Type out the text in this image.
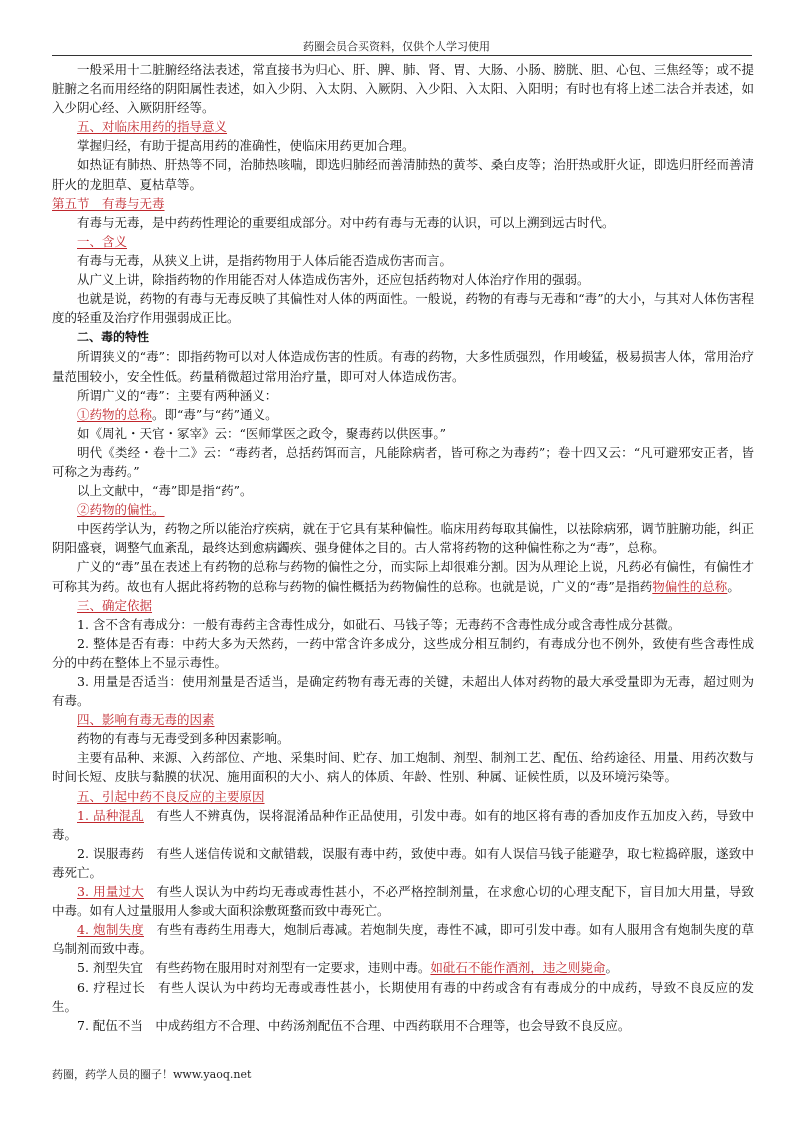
药圈会员合买资料，仅供个人学习使用

一般采用十二脏腑经络法表述，常直接书为归心、肝、脾、肺、肾、胃、大肠、小肠、膀胱、胆、心包、三焦经等；或不提脏腑之名而用经络的阴阳属性表述，如入少阴、入太阴、入厥阴、入少阳、入太阳、入阳明；有时也有将上述二法合并表述，如入少阴心经、入厥阴肝经等。

五、对临床用药的指导意义

掌握归经，有助于提高用药的准确性，使临床用药更加合理。

如热证有肺热、肝热等不同，治肺热咳喘，即选归肺经而善清肺热的黄芩、桑白皮等；治肝热或肝火证，即选归肝经而善清肝火的龙胆草、夏枯草等。

第五节　有毒与无毒

有毒与无毒，是中药药性理论的重要组成部分。对中药有毒与无毒的认识，可以上溯到远古时代。

一、含义

有毒与无毒，从狭义上讲，是指药物用于人体后能否造成伤害而言。

从广义上讲，除指药物的作用能否对人体造成伤害外，还应包括药物对人体治疗作用的强弱。

也就是说，药物的有毒与无毒反映了其偏性对人体的两面性。一般说，药物的有毒与无毒和“毒”的大小，与其对人体伤害程度的轻重及治疗作用强弱成正比。

二、毒的特性

所谓狭义的“毒”：即指药物可以对人体造成伤害的性质。有毒的药物，大多性质强烈，作用峻猛，极易损害人体，常用治疗量范围较小，安全性低。药量稍微超过常用治疗量，即可对人体造成伤害。

所谓广义的“毒”：主要有两种涵义：

①药物的总称。即“毒”与“药”通义。

如《周礼・天官・冢宰》云：“医师掌医之政令，聚毒药以供医事。”

明代《类经・卷十二》云：“毒药者，总括药饵而言，凡能除病者，皆可称之为毒药”；卷十四又云：“凡可避邪安正者，皆可称之为毒药。”

以上文献中，“毒”即是指“药”。

②药物的偏性。

中医药学认为，药物之所以能治疗疾病，就在于它具有某种偏性。临床用药每取其偏性，以祛除病邪，调节脏腑功能，纠正阴阳盛衰，调整气血紊乱，最终达到愈病蠲疾、强身健体之目的。古人常将药物的这种偏性称之为“毒”，总称。

广义的“毒”虽在表述上有药物的总称与药物的偏性之分，而实际上却很难分割。因为从理论上说，凡药必有偏性，有偏性才可称其为药。故也有人据此将药物的总称与药物的偏性概括为药物偏性的总称。也就是说，广义的“毒”是指药物偏性的总称。

三、确定依据

1. 含不含有毒成分：一般有毒药主含毒性成分，如砒石、马钱子等；无毒药不含毒性成分或含毒性成分甚微。

2. 整体是否有毒：中药大多为天然药，一药中常含许多成分，这些成分相互制约，有毒成分也不例外，致使有些含毒性成分的中药在整体上不显示毒性。

3. 用量是否适当：使用剂量是否适当，是确定药物有毒无毒的关键，未超出人体对药物的最大承受量即为无毒，超过则为有毒。

四、影响有毒无毒的因素

药物的有毒与无毒受到多种因素影响。

主要有品种、来源、入药部位、产地、采集时间、贮存、加工炮制、剂型、制剂工艺、配伍、给药途径、用量、用药次数与时间长短、皮肤与黏膜的状况、施用面积的大小、病人的体质、年龄、性别、种属、证候性质，以及环境污染等。

五、引起中药不良反应的主要原因

1. 品种混乱　有些人不辨真伪，误将混淆品种作正品使用，引发中毒。如有的地区将有毒的香加皮作五加皮入药，导致中毒。

2. 误服毒药　有些人迷信传说和文献错载，误服有毒中药，致使中毒。如有人误信马钱子能避孕，取七粒捣碎服，遂致中毒死亡。

3. 用量过大　有些人误认为中药均无毒或毒性甚小，不必严格控制剂量，在求愈心切的心理支配下，盲目加大用量，导致中毒。如有人过量服用人参或大面积涂敷斑蝥而致中毒死亡。

4. 炮制失度　有些有毒药生用毒大，炮制后毒减。若炮制失度，毒性不减，即可引发中毒。如有人服用含有炮制失度的草乌制剂而致中毒。

5. 剂型失宜　有些药物在服用时对剂型有一定要求，违则中毒。如砒石不能作酒剂，违之则毙命。

6. 疗程过长　有些人误认为中药均无毒或毒性甚小，长期使用有毒的中药或含有有毒成分的中成药，导致不良反应的发生。

7. 配伍不当　中成药组方不合理、中药汤剂配伍不合理、中西药联用不合理等，也会导致不良反应。

药圈，药学人员的圈子！www.yaoq.net
